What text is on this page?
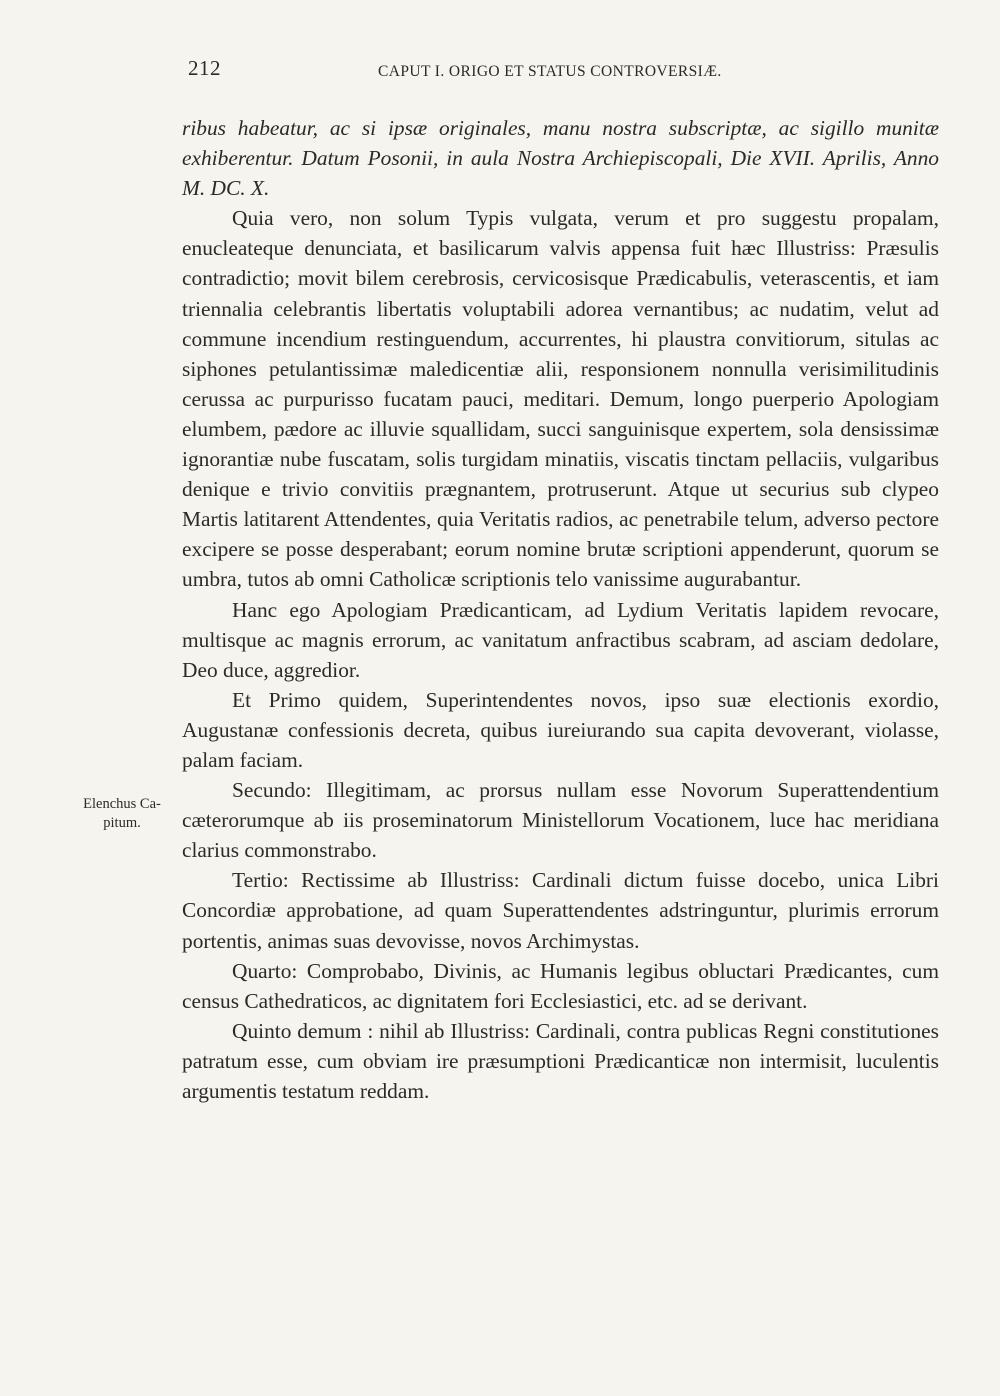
212	CAPUT I. ORIGO ET STATUS CONTROVERSIÆ.
Elenchus Ca-
pitum.

ribus habeatur, ac si ipsæ originales, manu nostra subscriptæ, ac sigillo munitæ exhiberentur. Datum Posonii, in aula Nostra Archiepiscopali, Die XVII. Aprilis, Anno M. DC. X.

Quia vero, non solum Typis vulgata, verum et pro suggestu propalam, enucleateque denunciata, et basilicarum valvis appensa fuit hæc Illustriss: Præsulis contradictio; movit bilem cerebrosis, cervicosisque Prædicabulis, veterascentis, et iam triennalia celebrantis libertatis voluptabili adorea vernantibus; ac nudatim, velut ad commune incendium restinguendum, accurrentes, hi plaustra convitiorum, situlas ac siphones petulantissimæ maledicentiæ alii, responsionem nonnulla verisimilitudinis cerussa ac purpurisso fucatam pauci, meditari. Demum, longo puerperio Apologiam elumbem, pædore ac illuvie squallidam, succi sanguinisque expertem, sola densissimæ ignorantiæ nube fuscatam, solis turgidam minatiis, viscatis tinctam pellaciis, vulgaribus denique e trivio convitiis prægnantem, protruserunt. Atque ut securius sub clypeo Martis latitarent Attendentes, quia Veritatis radios, ac penetrabile telum, adverso pectore excipere se posse desperabant; eorum nomine brutæ scriptioni appenderunt, quorum se umbra, tutos ab omni Catholicæ scriptionis telo vanissime augurabantur.

Hanc ego Apologiam Prædicanticam, ad Lydium Veritatis lapidem revocare, multisque ac magnis errorum, ac vanitatum anfractibus scabram, ad asciam dedolare, Deo duce, aggredior.

Et Primo quidem, Superintendentes novos, ipso suæ electionis exordio, Augustanæ confessionis decreta, quibus iureiurando sua capita devoverant, violasse, palam faciam.

Secundo: Illegitimam, ac prorsus nullam esse Novorum Superattendentium cæterorumque ab iis proseminatorum Ministellorum Vocationem, luce hac meridiana clarius commonstrabo.

Tertio: Rectissime ab Illustriss: Cardinali dictum fuisse docebo, unica Libri Concordiæ approbatione, ad quam Superattendentes adstringuntur, plurimis errorum portentis, animas suas devovisse, novos Archimystas.

Quarto: Comprobabo, Divinis, ac Humanis legibus obluctari Prædicantes, cum census Cathedraticos, ac dignitatem fori Ecclesiastici, etc. ad se derivant.

Quinto demum : nihil ab Illustriss: Cardinali, contra publicas Regni constitutiones patratum esse, cum obviam ire præsumptioni Prædicanticæ non intermisit, luculentis argumentis testatum reddam.
